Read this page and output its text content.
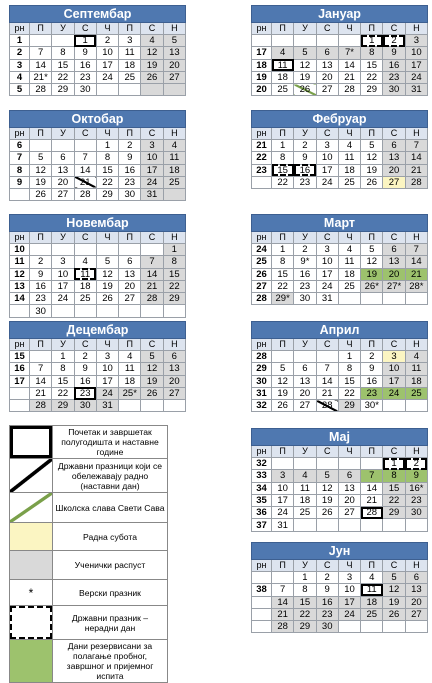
Септембар							
рн	П	У	С	Ч	П	С	Н
1			1	2	3	4	5
2	7	8	9	10	11	12	13
3	14	15	16	17	18	19	20
4	21*	22	23	24	25	26	27
5	28	29	30				
Октобар							
рн	П	У	С	Ч	П	С	Н
6				1	2	3	4
7	5	6	7	8	9	10	11
8	12	13	14	15	16	17	18
9	19	20	21	22	23	24	25
	26	27	28	29	30	31	
Новембар							
рн	П	У	С	Ч	П	С	Н
10							1
11	2	3	4	5	6	7	8
12	9	10	11	12	13	14	15
13	16	17	18	19	20	21	22
14	23	24	25	26	27	28	29
	30						
Децембар							
рн	П	У	С	Ч	П	С	Н
15		1	2	3	4	5	6
16	7	8	9	10	11	12	13
17	14	15	16	17	18	19	20
	21	22	23	24	25*	26	27
	28	29	30	31			
Јануар							
рн	П	У	С	Ч	П	С	Н
					1	2	3
17	4	5	6	7*	8	9	10
18	11	12	13	14	15	16	17
19	18	19	20	21	22	23	24
20	25	26	27	28	29	30	31
Фебруар							
рн	П	У	С	Ч	П	С	Н
21	1	2	3	4	5	6	7
22	8	9	10	11	12	13	14
23	15	16	17	18	19	20	21
	22	23	24	25	26	27	28
Март							
рн	П	У	С	Ч	П	С	Н
24	1	2	3	4	5	6	7
25	8	9*	10	11	12	13	14
26	15	16	17	18	19	20	21
27	22	23	24	25	26*	27*	28*
28	29*	30	31				
Април							
рн	П	У	С	Ч	П	С	Н
28				1	2	3	4
29	5	6	7	8	9	10	11
30	12	13	14	15	16	17	18
31	19	20	21	22	23	24	25
32	26	27	28	29	30*		
Мај							
рн	П	У	С	Ч	П	С	Н
32						1	2
33	3	4	5	6	7	8	9
34	10	11	12	13	14	15	16*
35	17	18	19	20	21	22	23
36	24	25	26	27	28	29	30
37	31						
Јун							
рн	П	У	С	Ч	П	С	Н
		1	2	3	4	5	6
38	7	8	9	10	11	12	13
	14	15	16	17	18	19	20
	21	22	23	24	25	26	27
	28	29	30				
	Почетак и завршетак полугодишта и наставне године

	Државни празници који се обележавају радно (наставни дан)

	Школска слава Свети Сава

	Радна субота

	Ученички распуст

*	Верски празник

	Државни празник – нерадни дан

	Дани резервисани за полагање пробног, завршног и пријемног испита
